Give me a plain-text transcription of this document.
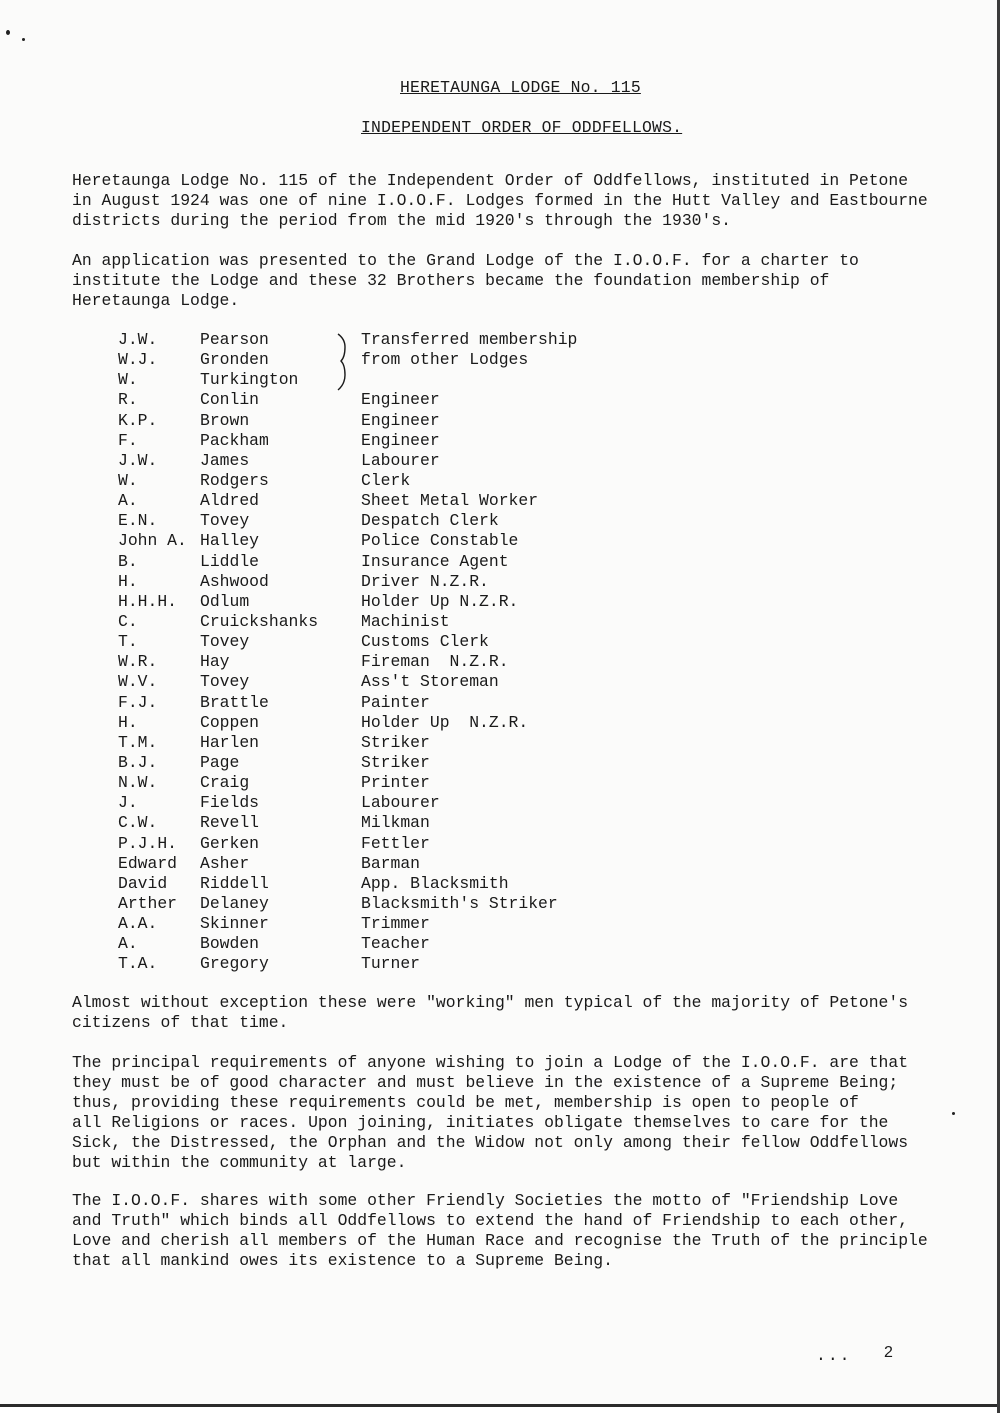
HERETAUNGA LODGE No. 115
INDEPENDENT ORDER OF ODDFELLOWS.
Heretaunga Lodge No. 115 of the Independent Order of Oddfellows, instituted in Petone
in August 1924 was one of nine I.O.O.F. Lodges formed in the Hutt Valley and Eastbourne
districts during the period from the mid 1920's through the 1930's.
An application was presented to the Grand Lodge of the I.O.O.F. for a charter to
institute the Lodge and these 32 Brothers became the foundation membership of
Heretaunga Lodge.
J.W.	Pearson	Transferred membership
W.J.	Gronden	from other Lodges
W.	Turkington
R.	Conlin	Engineer
K.P.	Brown	Engineer
F.	Packham	Engineer
J.W.	James	Labourer
W.	Rodgers	Clerk
A.	Aldred	Sheet Metal Worker
E.N.	Tovey	Despatch Clerk
John A. Halley	Police Constable
B.	Liddle	Insurance Agent
H.	Ashwood	Driver N.Z.R.
H.H.H. Odlum	Holder Up N.Z.R.
C.	Cruickshanks	Machinist
T.	Tovey	Customs Clerk
W.R.	Hay	Fireman  N.Z.R.
W.V.	Tovey	Ass't Storeman
F.J.	Brattle	Painter
H.	Coppen	Holder Up  N.Z.R.
T.M.	Harlen	Striker
B.J.	Page	Striker
N.W.	Craig	Printer
J.	Fields	Labourer
C.W.	Revell	Milkman
P.J.H. Gerken	Fettler
Edward Asher	Barman
David Riddell	App. Blacksmith
Arther Delaney	Blacksmith's Striker
A.A.	Skinner	Trimmer
A.	Bowden	Teacher
T.A.	Gregory	Turner
Almost without exception these were "working" men typical of the majority of Petone's
citizens of that time.
The principal requirements of anyone wishing to join a Lodge of the I.O.O.F. are that
they must be of good character and must believe in the existence of a Supreme Being;
thus, providing these requirements could be met, membership is open to people of
all Religions or races. Upon joining, initiates obligate themselves to care for the
Sick, the Distressed, the Orphan and the Widow not only among their fellow Oddfellows
but within the community at large.
The I.O.O.F. shares with some other Friendly Societies the motto of "Friendship Love
and Truth" which binds all Oddfellows to extend the hand of Friendship to each other,
Love and cherish all members of the Human Race and recognise the Truth of the principle
that all mankind owes its existence to a Supreme Being.
... 2
